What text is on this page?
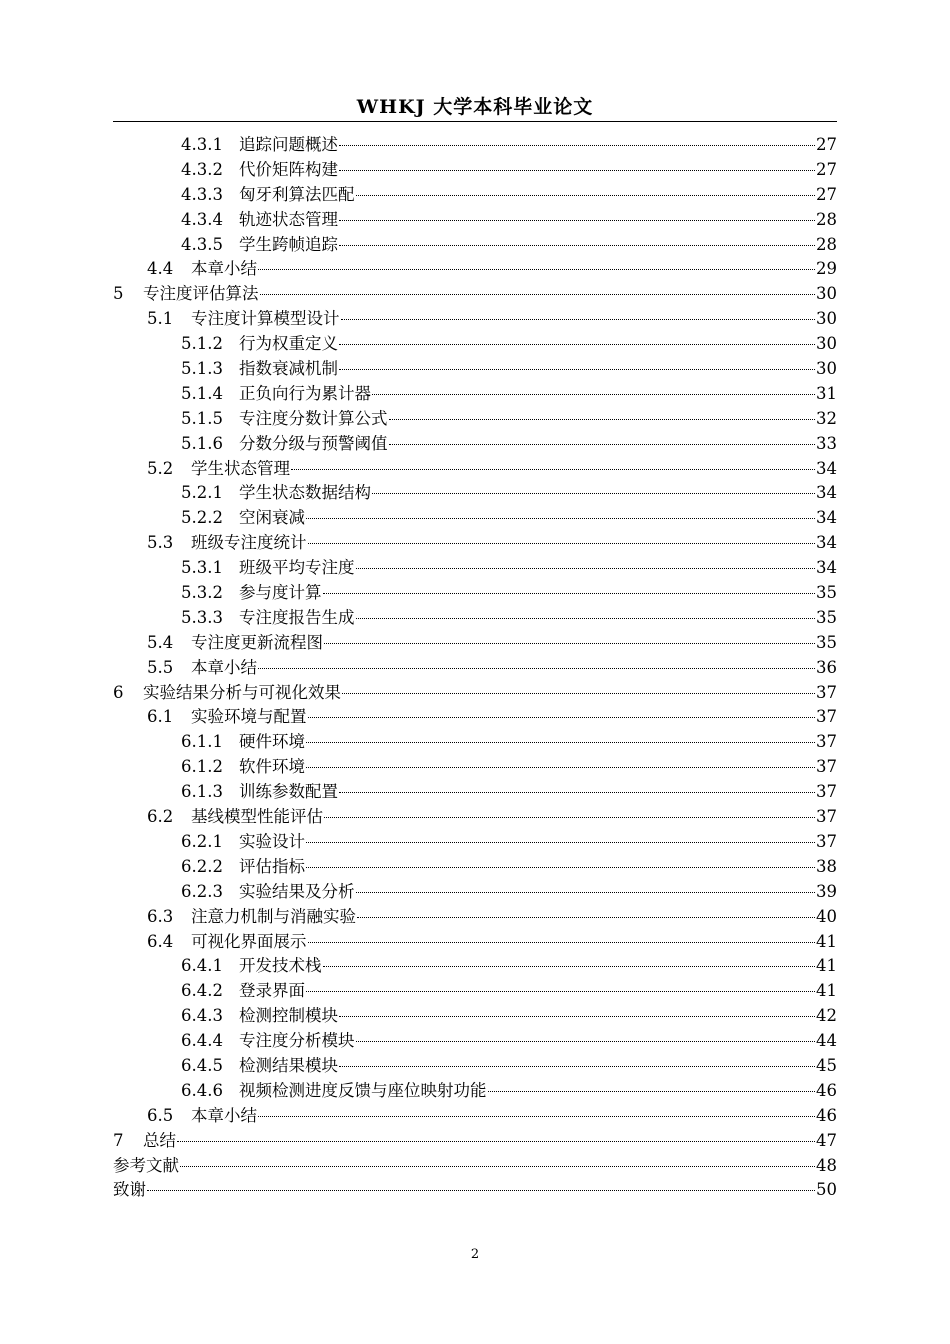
WHKJ 大学本科毕业论文
4.3.1 追踪问题概述	27
4.3.2 代价矩阵构建	27
4.3.3 匈牙利算法匹配	27
4.3.4 轨迹状态管理	28
4.3.5 学生跨帧追踪	28
4.4	本章小结	29
5	专注度评估算法	30
5.1	专注度计算模型设计	30
5.1.2 行为权重定义	30
5.1.3 指数衰减机制	30
5.1.4 正负向行为累计器	31
5.1.5 专注度分数计算公式	32
5.1.6 分数分级与预警阈值	33
5.2	学生状态管理	34
5.2.1 学生状态数据结构	34
5.2.2 空闲衰减	34
5.3	班级专注度统计	34
5.3.1 班级平均专注度	34
5.3.2 参与度计算	35
5.3.3 专注度报告生成	35
5.4	专注度更新流程图	35
5.5	本章小结	36
6	实验结果分析与可视化效果	37
6.1	实验环境与配置	37
6.1.1 硬件环境	37
6.1.2 软件环境	37
6.1.3 训练参数配置	37
6.2	基线模型性能评估	37
6.2.1 实验设计	37
6.2.2 评估指标	38
6.2.3 实验结果及分析	39
6.3	注意力机制与消融实验	40
6.4	可视化界面展示	41
6.4.1 开发技术栈	41
6.4.2 登录界面	41
6.4.3 检测控制模块	42
6.4.4 专注度分析模块	44
6.4.5 检测结果模块	45
6.4.6 视频检测进度反馈与座位映射功能	46
6.5	本章小结	46
7	总结	47
参考文献	48
致谢	50
2
